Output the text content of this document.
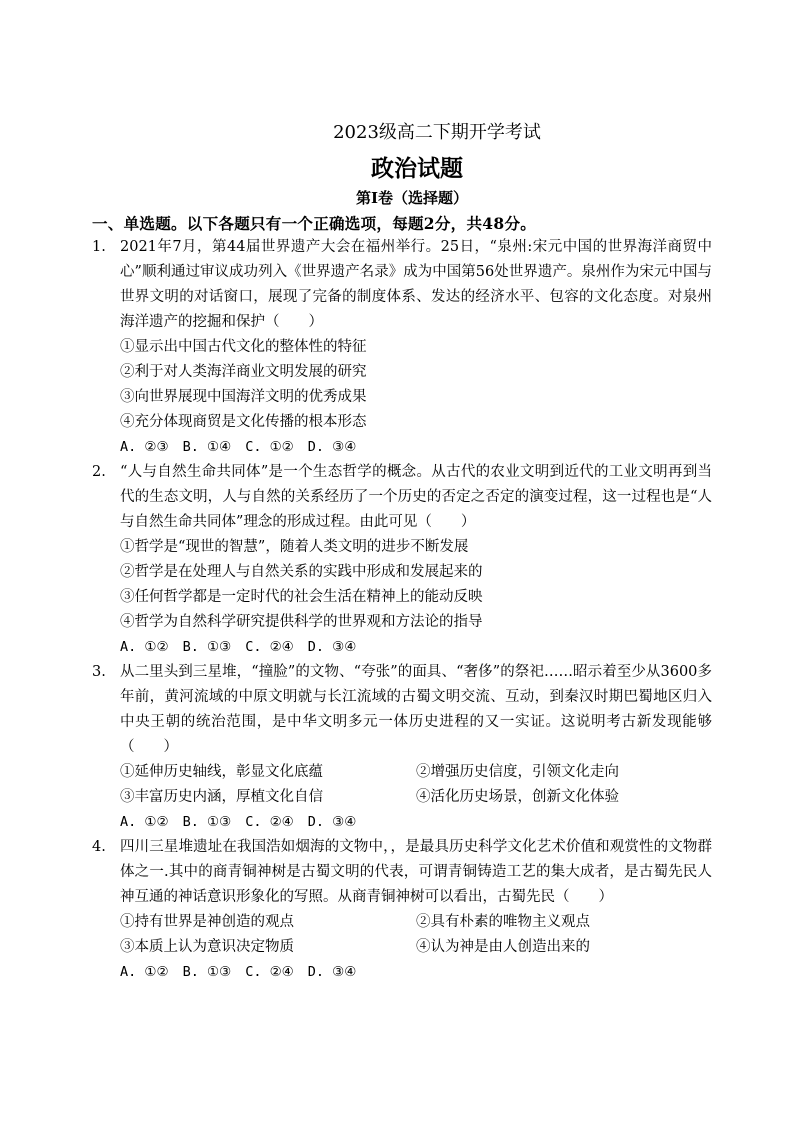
2023级高二下期开学考试
政治试题
第Ⅰ卷（选择题）
一、单选题。以下各题只有一个正确选项，每题2分，共48分。
1. 2021年7月，第44届世界遗产大会在福州举行。25日，“泉州:宋元中国的世界海洋商贸中心”顺利通过审议成功列入《世界遗产名录》成为中国第56处世界遗产。泉州作为宋元中国与世界文明的对话窗口，展现了完备的制度体系、发达的经济水平、包容的文化态度。对泉州海洋遗产的挖掘和保护（　　）
①显示出中国古代文化的整体性的特征
②利于对人类海洋商业文明发展的研究
③向世界展现中国海洋文明的优秀成果
④充分体现商贸是文化传播的根本形态
A. ②③ B. ①④ C. ①② D. ③④
2. “人与自然生命共同体”是一个生态哲学的概念。从古代的农业文明到近代的工业文明再到当代的生态文明，人与自然的关系经历了一个历史的否定之否定的演变过程，这一过程也是“人与自然生命共同体”理念的形成过程。由此可见（　　）
①哲学是“现世的智慧”，随着人类文明的进步不断发展
②哲学是在处理人与自然关系的实践中形成和发展起来的
③任何哲学都是一定时代的社会生活在精神上的能动反映
④哲学为自然科学研究提供科学的世界观和方法论的指导
A. ①② B. ①③ C. ②④ D. ③④
3. 从二里头到三星堆，“撞脸”的文物、“夸张”的面具、“奢侈”的祭祀……昭示着至少从3600多年前，黄河流域的中原文明就与长江流域的古蜀文明交流、互动，到秦汉时期巴蜀地区归入中央王朝的统治范围，是中华文明多元一体历史进程的又一实证。这说明考古新发现能够（　　）
①延伸历史轴线，彰显文化底蕴	②增强历史信度，引领文化走向
③丰富历史内涵，厚植文化自信	④活化历史场景，创新文化体验
A. ①② B. ①③ C. ②④ D. ③④
4. 四川三星堆遗址在我国浩如烟海的文物中，，是最具历史科学文化艺术价值和观赏性的文物群体之一.其中的商青铜神树是古蜀文明的代表，可谓青铜铸造工艺的集大成者，是古蜀先民人神互通的神话意识形象化的写照。从商青铜神树可以看出，古蜀先民（　　）
①持有世界是神创造的观点	②具有朴素的唯物主义观点
③本质上认为意识决定物质	④认为神是由人创造出来的
A. ①② B. ①③ C. ②④ D. ③④
